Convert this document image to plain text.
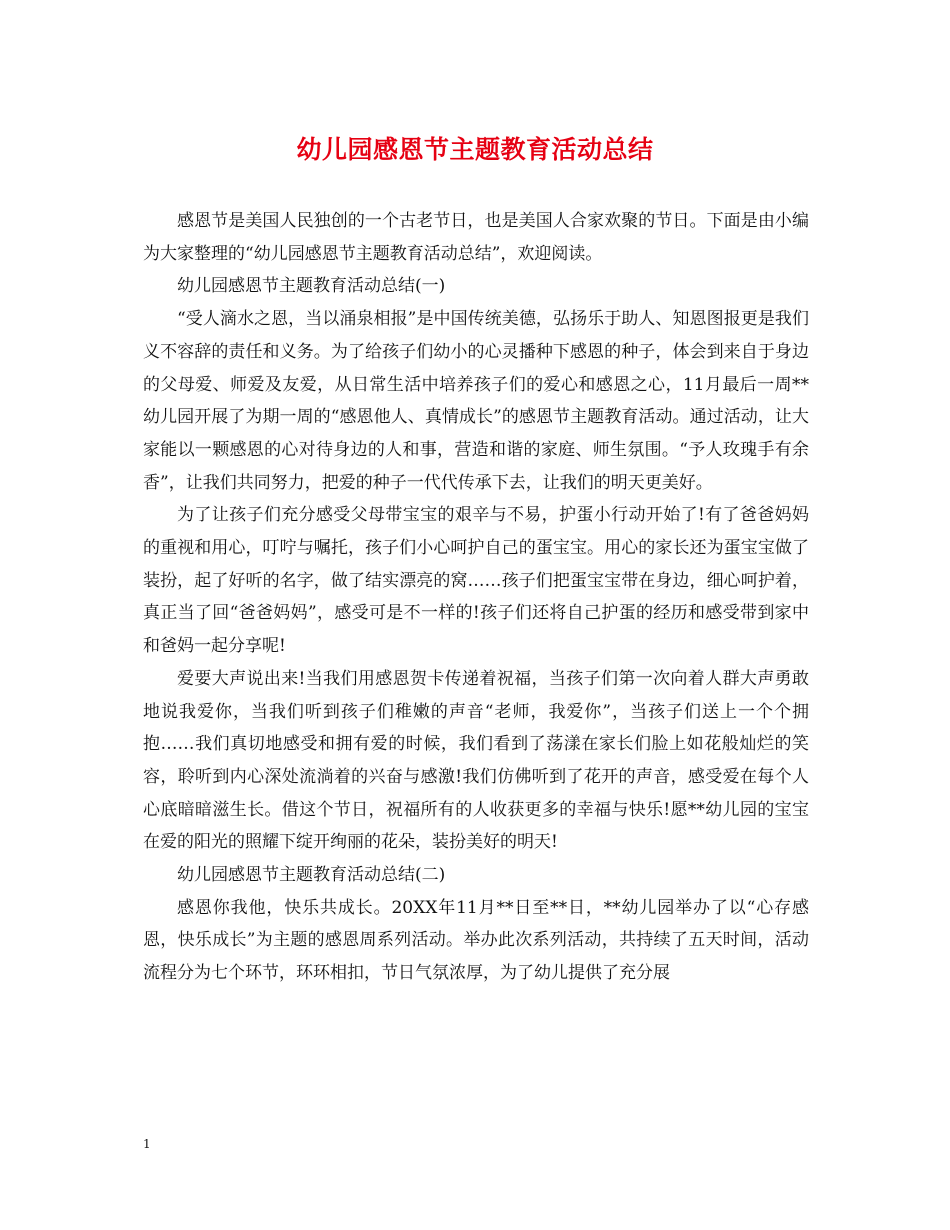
幼儿园感恩节主题教育活动总结

感恩节是美国人民独创的一个古老节日，也是美国人合家欢聚的节日。下面是由小编为大家整理的“幼儿园感恩节主题教育活动总结”，欢迎阅读。

幼儿园感恩节主题教育活动总结(一)

“受人滴水之恩，当以涌泉相报”是中国传统美德，弘扬乐于助人、知恩图报更是我们义不容辞的责任和义务。为了给孩子们幼小的心灵播种下感恩的种子，体会到来自于身边的父母爱、师爱及友爱，从日常生活中培养孩子们的爱心和感恩之心，11月最后一周**幼儿园开展了为期一周的“感恩他人、真情成长”的感恩节主题教育活动。通过活动，让大家能以一颗感恩的心对待身边的人和事，营造和谐的家庭、师生氛围。“予人玫瑰手有余香”，让我们共同努力，把爱的种子一代代传承下去，让我们的明天更美好。

为了让孩子们充分感受父母带宝宝的艰辛与不易，护蛋小行动开始了!有了爸爸妈妈的重视和用心，叮咛与嘱托，孩子们小心呵护自己的蛋宝宝。用心的家长还为蛋宝宝做了装扮，起了好听的名字，做了结实漂亮的窝……孩子们把蛋宝宝带在身边，细心呵护着，真正当了回“爸爸妈妈”，感受可是不一样的!孩子们还将自己护蛋的经历和感受带到家中和爸妈一起分享呢!

爱要大声说出来!当我们用感恩贺卡传递着祝福，当孩子们第一次向着人群大声勇敢地说我爱你，当我们听到孩子们稚嫩的声音“老师，我爱你”，当孩子们送上一个个拥抱……我们真切地感受和拥有爱的时候，我们看到了荡漾在家长们脸上如花般灿烂的笑容，聆听到内心深处流淌着的兴奋与感激!我们仿佛听到了花开的声音，感受爱在每个人心底暗暗滋生长。借这个节日，祝福所有的人收获更多的幸福与快乐!愿**幼儿园的宝宝在爱的阳光的照耀下绽开绚丽的花朵，装扮美好的明天!

幼儿园感恩节主题教育活动总结(二)

感恩你我他，快乐共成长。20XX年11月**日至**日，**幼儿园举办了以“心存感恩，快乐成长”为主题的感恩周系列活动。举办此次系列活动，共持续了五天时间，活动流程分为七个环节，环环相扣，节日气氛浓厚，为了幼儿提供了充分展

1
